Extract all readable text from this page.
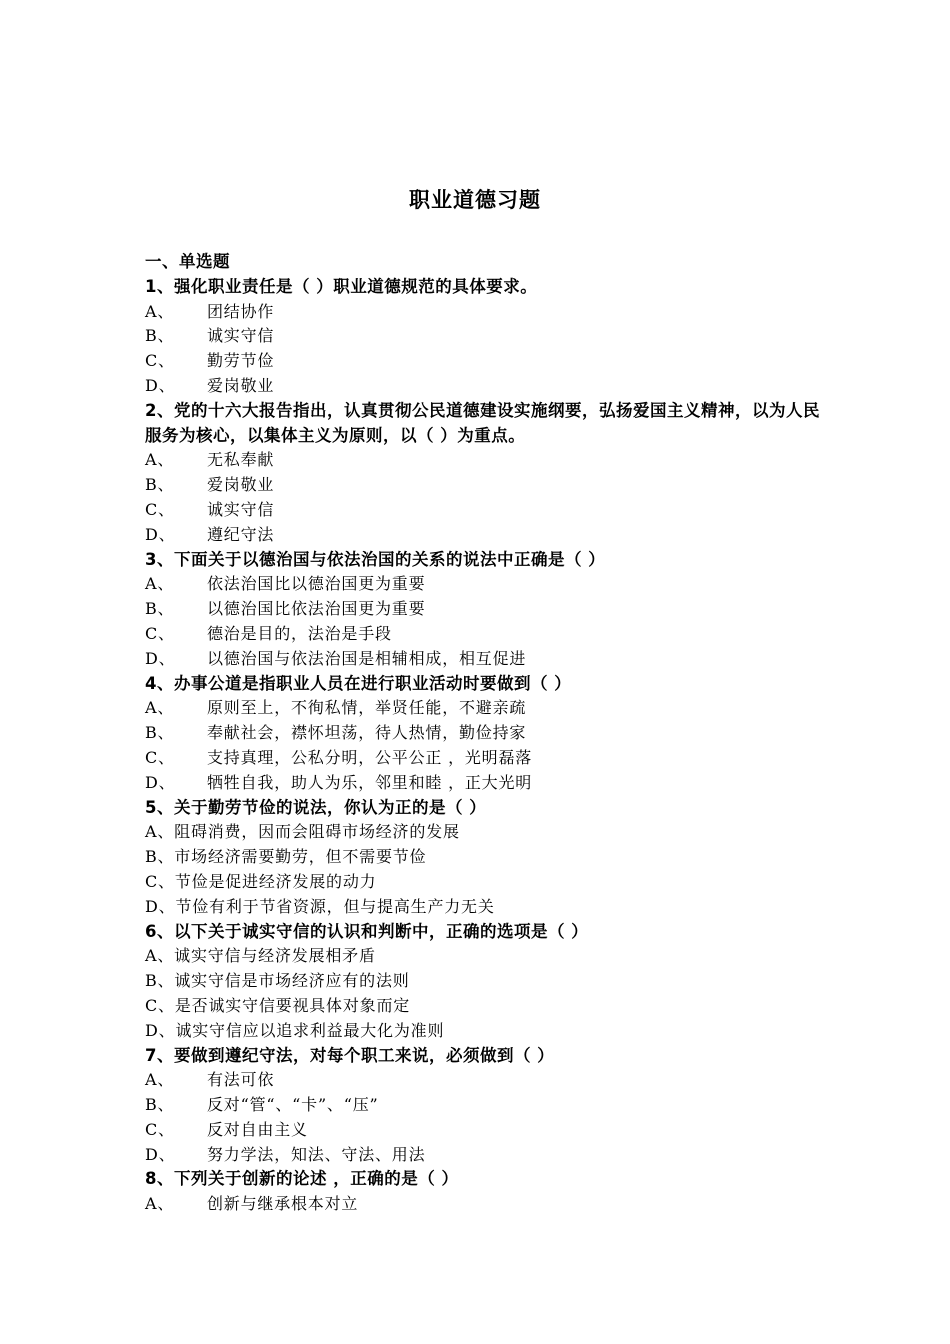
职业道德习题
一、单选题
1、强化职业责任是（ ）职业道德规范的具体要求。
A、	团结协作
B、	诚实守信
C、	勤劳节俭
D、	爱岗敬业
2、党的十六大报告指出，认真贯彻公民道德建设实施纲要，弘扬爱国主义精神，以为人民服务为核心，以集体主义为原则，以（ ）为重点。
A、	无私奉献
B、	爱岗敬业
C、	诚实守信
D、	遵纪守法
3、下面关于以德治国与依法治国的关系的说法中正确是（ ）
A、	依法治国比以德治国更为重要
B、	以德治国比依法治国更为重要
C、	德治是目的，法治是手段
D、	以德治国与依法治国是相辅相成，相互促进
4、办事公道是指职业人员在进行职业活动时要做到（ ）
A、	原则至上，不徇私情，举贤任能，不避亲疏
B、	奉献社会，襟怀坦荡，待人热情，勤俭持家
C、	支持真理，公私分明，公平公正 ，光明磊落
D、	牺牲自我，助人为乐，邻里和睦 ，正大光明
5、关于勤劳节俭的说法，你认为正的是（ ）
A、 阻碍消费，因而会阻碍市场经济的发展
B、 市场经济需要勤劳，但不需要节俭
C、 节俭是促进经济发展的动力
D、 节俭有利于节省资源，但与提高生产力无关
6、以下关于诚实守信的认识和判断中，正确的选项是（ ）
A、 诚实守信与经济发展相矛盾
B、 诚实守信是市场经济应有的法则
C、 是否诚实守信要视具体对象而定
D、 诚实守信应以追求利益最大化为准则
7、要做到遵纪守法，对每个职工来说，必须做到（ ）
A、	有法可依
B、	反对“管“、“卡”、“压”
C、	反对自由主义
D、	努力学法，知法、守法、用法
8、下列关于创新的论述 ，正确的是（ ）
A、	创新与继承根本对立
